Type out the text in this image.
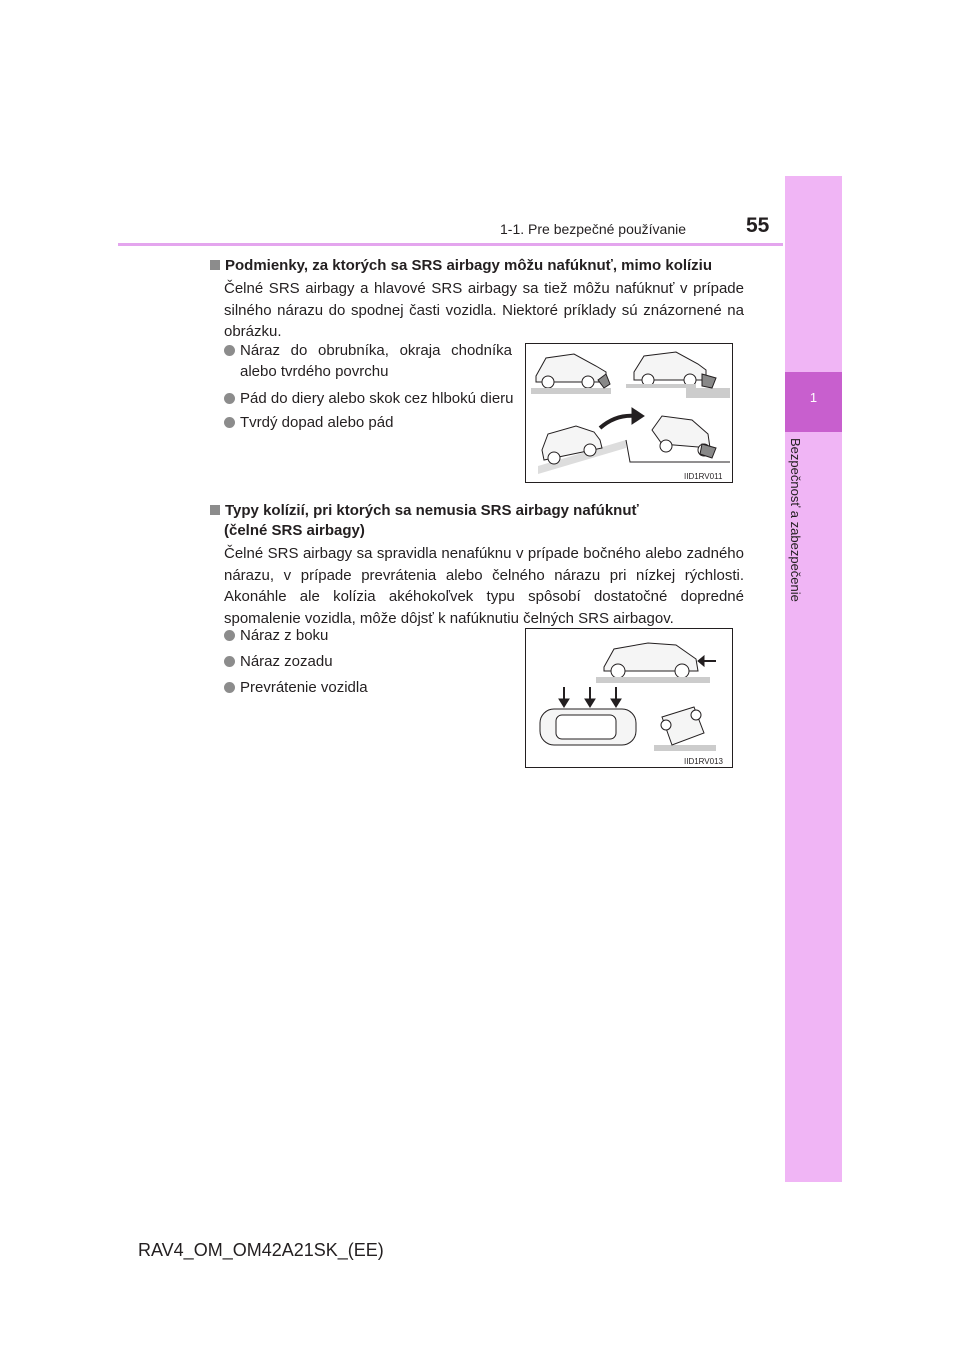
1
Bezpečnosť a zabezpečenie
1-1. Pre bezpečné používanie	55
Podmienky, za ktorých sa SRS airbagy môžu nafúknuť, mimo kolíziu
Čelné SRS airbagy a hlavové SRS airbagy sa tiež môžu nafúknuť v prípade silného nárazu do spodnej časti vozidla. Niektoré príklady sú znázornené na obrázku.
Náraz do obrubníka, okraja chodníka alebo tvrdého povrchu
Pád do diery alebo skok cez hlbokú dieru
Tvrdý dopad alebo pád
IID1RV011
Typy kolízií, pri ktorých sa nemusia SRS airbagy nafúknuť
(čelné SRS airbagy)
Čelné SRS airbagy sa spravidla nenafúknu v prípade bočného alebo zadného nárazu, v prípade prevrátenia alebo čelného nárazu pri nízkej rýchlosti. Akonáhle ale kolízia akéhokoľvek typu spôsobí dostatočné dopredné spomalenie vozidla, môže dôjsť k nafúknutiu čelných SRS airbagov.
Náraz z boku
Náraz zozadu
Prevrátenie vozidla
IID1RV013
RAV4_OM_OM42A21SK_(EE)
